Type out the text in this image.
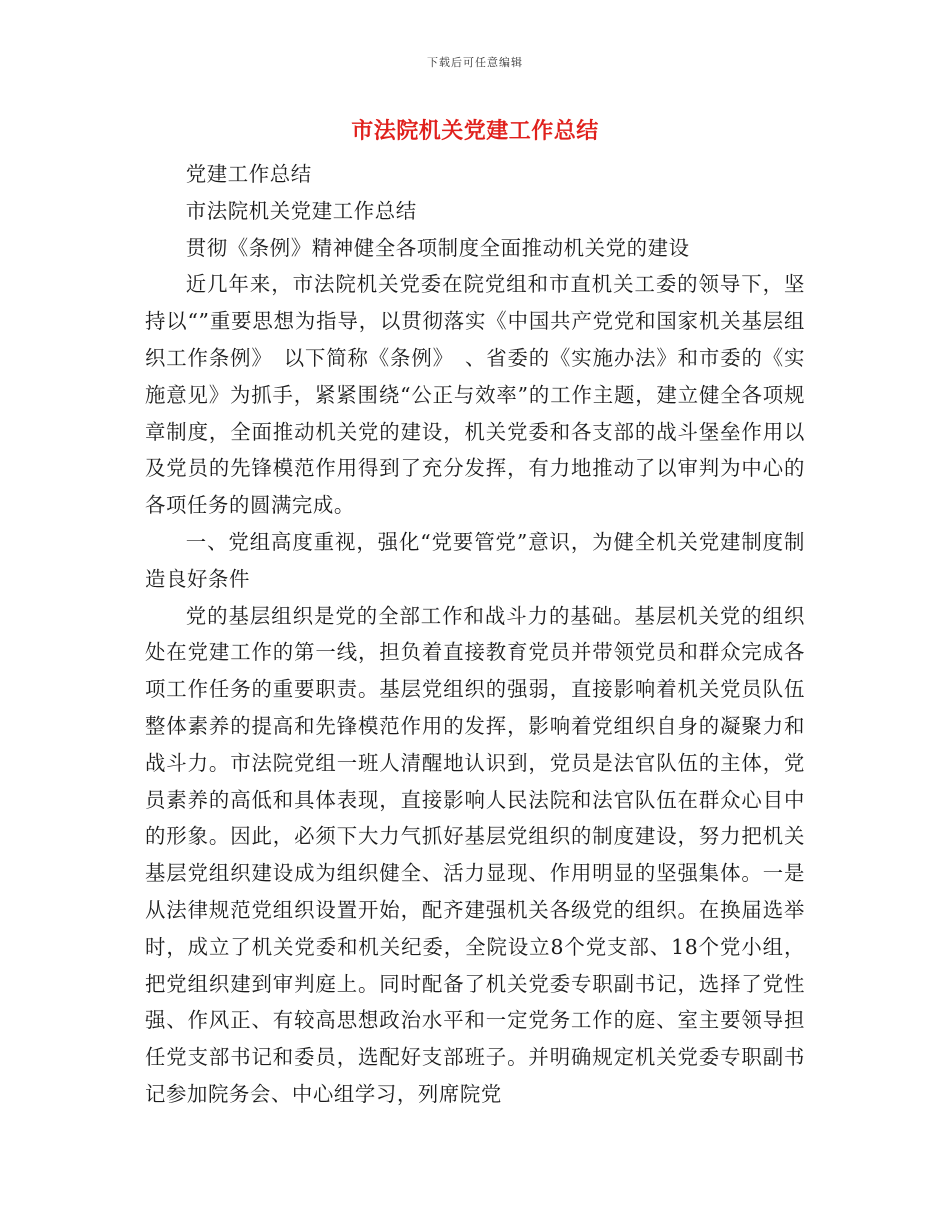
下载后可任意编辑
市法院机关党建工作总结

党建工作总结

市法院机关党建工作总结

贯彻《条例》精神健全各项制度全面推动机关党的建设

近几年来，市法院机关党委在院党组和市直机关工委的领导下，坚持以“”重要思想为指导，以贯彻落实《中国共产党党和国家机关基层组织工作条例》　以下简称《条例》　、省委的《实施办法》和市委的《实施意见》为抓手，紧紧围绕“公正与效率”的工作主题，建立健全各项规章制度，全面推动机关党的建设，机关党委和各支部的战斗堡垒作用以及党员的先锋模范作用得到了充分发挥，有力地推动了以审判为中心的各项任务的圆满完成。

一、党组高度重视，强化“党要管党”意识，为健全机关党建制度制造良好条件

党的基层组织是党的全部工作和战斗力的基础。基层机关党的组织处在党建工作的第一线，担负着直接教育党员并带领党员和群众完成各项工作任务的重要职责。基层党组织的强弱，直接影响着机关党员队伍整体素养的提高和先锋模范作用的发挥，影响着党组织自身的凝聚力和战斗力。市法院党组一班人清醒地认识到，党员是法官队伍的主体，党员素养的高低和具体表现，直接影响人民法院和法官队伍在群众心目中的形象。因此，必须下大力气抓好基层党组织的制度建设，努力把机关基层党组织建设成为组织健全、活力显现、作用明显的坚强集体。一是从法律规范党组织设置开始，配齐建强机关各级党的组织。在换届选举时，成立了机关党委和机关纪委，全院设立8个党支部、18个党小组，把党组织建到审判庭上。同时配备了机关党委专职副书记，选择了党性强、作风正、有较高思想政治水平和一定党务工作的庭、室主要领导担任党支部书记和委员，选配好支部班子。并明确规定机关党委专职副书记参加院务会、中心组学习，列席院党
